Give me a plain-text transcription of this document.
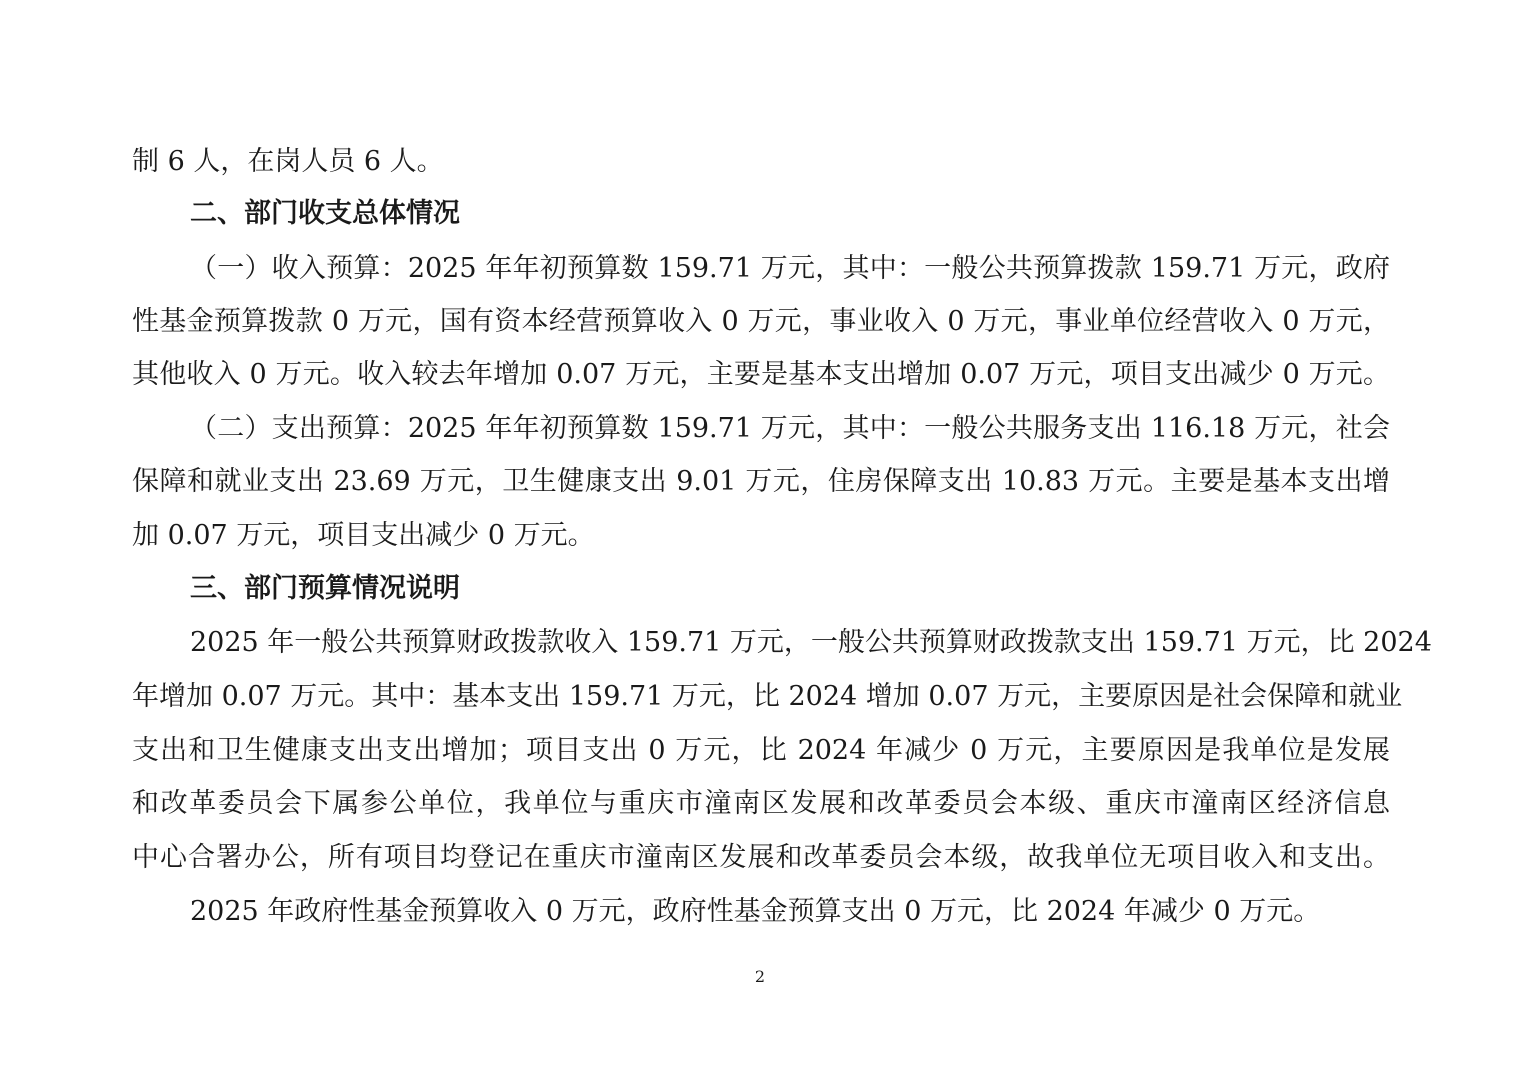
制 6 人，在岗人员 6 人。
二、部门收支总体情况
（一）收入预算：2025 年年初预算数 159.71 万元，其中：一般公共预算拨款 159.71 万元，政府
性基金预算拨款 0 万元，国有资本经营预算收入 0 万元，事业收入 0 万元，事业单位经营收入 0 万元，
其他收入 0 万元。收入较去年增加 0.07 万元，主要是基本支出增加 0.07 万元，项目支出减少 0 万元。
（二）支出预算：2025 年年初预算数 159.71 万元，其中：一般公共服务支出 116.18 万元，社会
保障和就业支出 23.69 万元，卫生健康支出 9.01 万元，住房保障支出 10.83 万元。主要是基本支出增
加 0.07 万元，项目支出减少 0 万元。
三、部门预算情况说明
2025 年一般公共预算财政拨款收入 159.71 万元，一般公共预算财政拨款支出 159.71 万元，比 2024
年增加 0.07 万元。其中：基本支出 159.71 万元，比 2024 增加 0.07 万元，主要原因是社会保障和就业
支出和卫生健康支出支出增加；项目支出 0 万元，比 2024 年减少 0 万元，主要原因是我单位是发展
和改革委员会下属参公单位，我单位与重庆市潼南区发展和改革委员会本级、重庆市潼南区经济信息
中心合署办公，所有项目均登记在重庆市潼南区发展和改革委员会本级，故我单位无项目收入和支出。
2025 年政府性基金预算收入 0 万元，政府性基金预算支出 0 万元，比 2024 年减少 0 万元。
2
